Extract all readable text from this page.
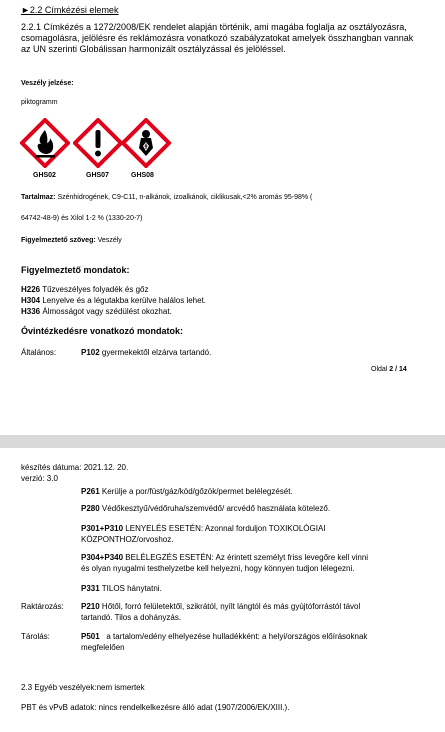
►2.2 Címkézési elemek
2.2.1 Címkézés a 1272/2008/EK rendelet alapján történik, ami magába foglalja az osztályozásra, csomagolásra, jelölésre és reklámozásra vonatkozó szabályzatokat amelyek összhangban vannak az UN szerinti Globálissan harmonizált osztályzással és jelöléssel.
Veszély jelzése:
piktogramm
GHS02	GHS07	GHS08
Tartalmaz: Szénhidrogének, C9-C11, n-alkánok, izoalkánok, ciklikusak,<2% aromás 95-98% (
64742-48-9) és Xilol 1-2 % (1330-20-7)
Figyelmeztető szöveg: Veszély
Figyelmeztető mondatok:
H226 Tűzveszélyes folyadék és gőz
H304 Lenyelve és a légutakba kerülve halálos lehet.
H336 Álmosságot vagy szédülést okozhat.
Óvintézkedésre vonatkozó mondatok:
Általános:	P102 gyermekektől elzárva tartandó.
Oldal 2 / 14
készítés dátuma: 2021.12. 20.
verzió: 3.0
P261 Kerülje a por/füst/gáz/köd/gőzök/permet belélegzését.
P280 Védőkesztyű/védőruha/szemvédő/ arcvédő használata kötelező.
P301+P310 LENYELÉS ESETÉN: Azonnal forduljon TOXIKOLÓGIAI
KÖZPONTHOZ/orvoshoz.
P304+P340 BELÉLEGZÉS ESETÉN: Az érintett személyt friss levegőre kell vinni
és olyan nyugalmi testhelyzetbe kell helyezni, hogy könnyen tudjon lélegezni.
P331 TILOS hánytatni.
Raktározás: P210 Hőtől, forró felületektől, szikrától, nyílt lángtól és más gyújtóforrástól távol
tartandó. Tilos a dohányzás.
Tárolás:	P501 a tartalom/edény elhelyezése hulladékként: a helyi/országos előírásoknak
megfelelően
2.3 Egyéb veszélyek:nem ismertek
PBT és vPvB adatok: nincs rendelkelkezésre álló adat (1907/2006/EK/XIII.).
